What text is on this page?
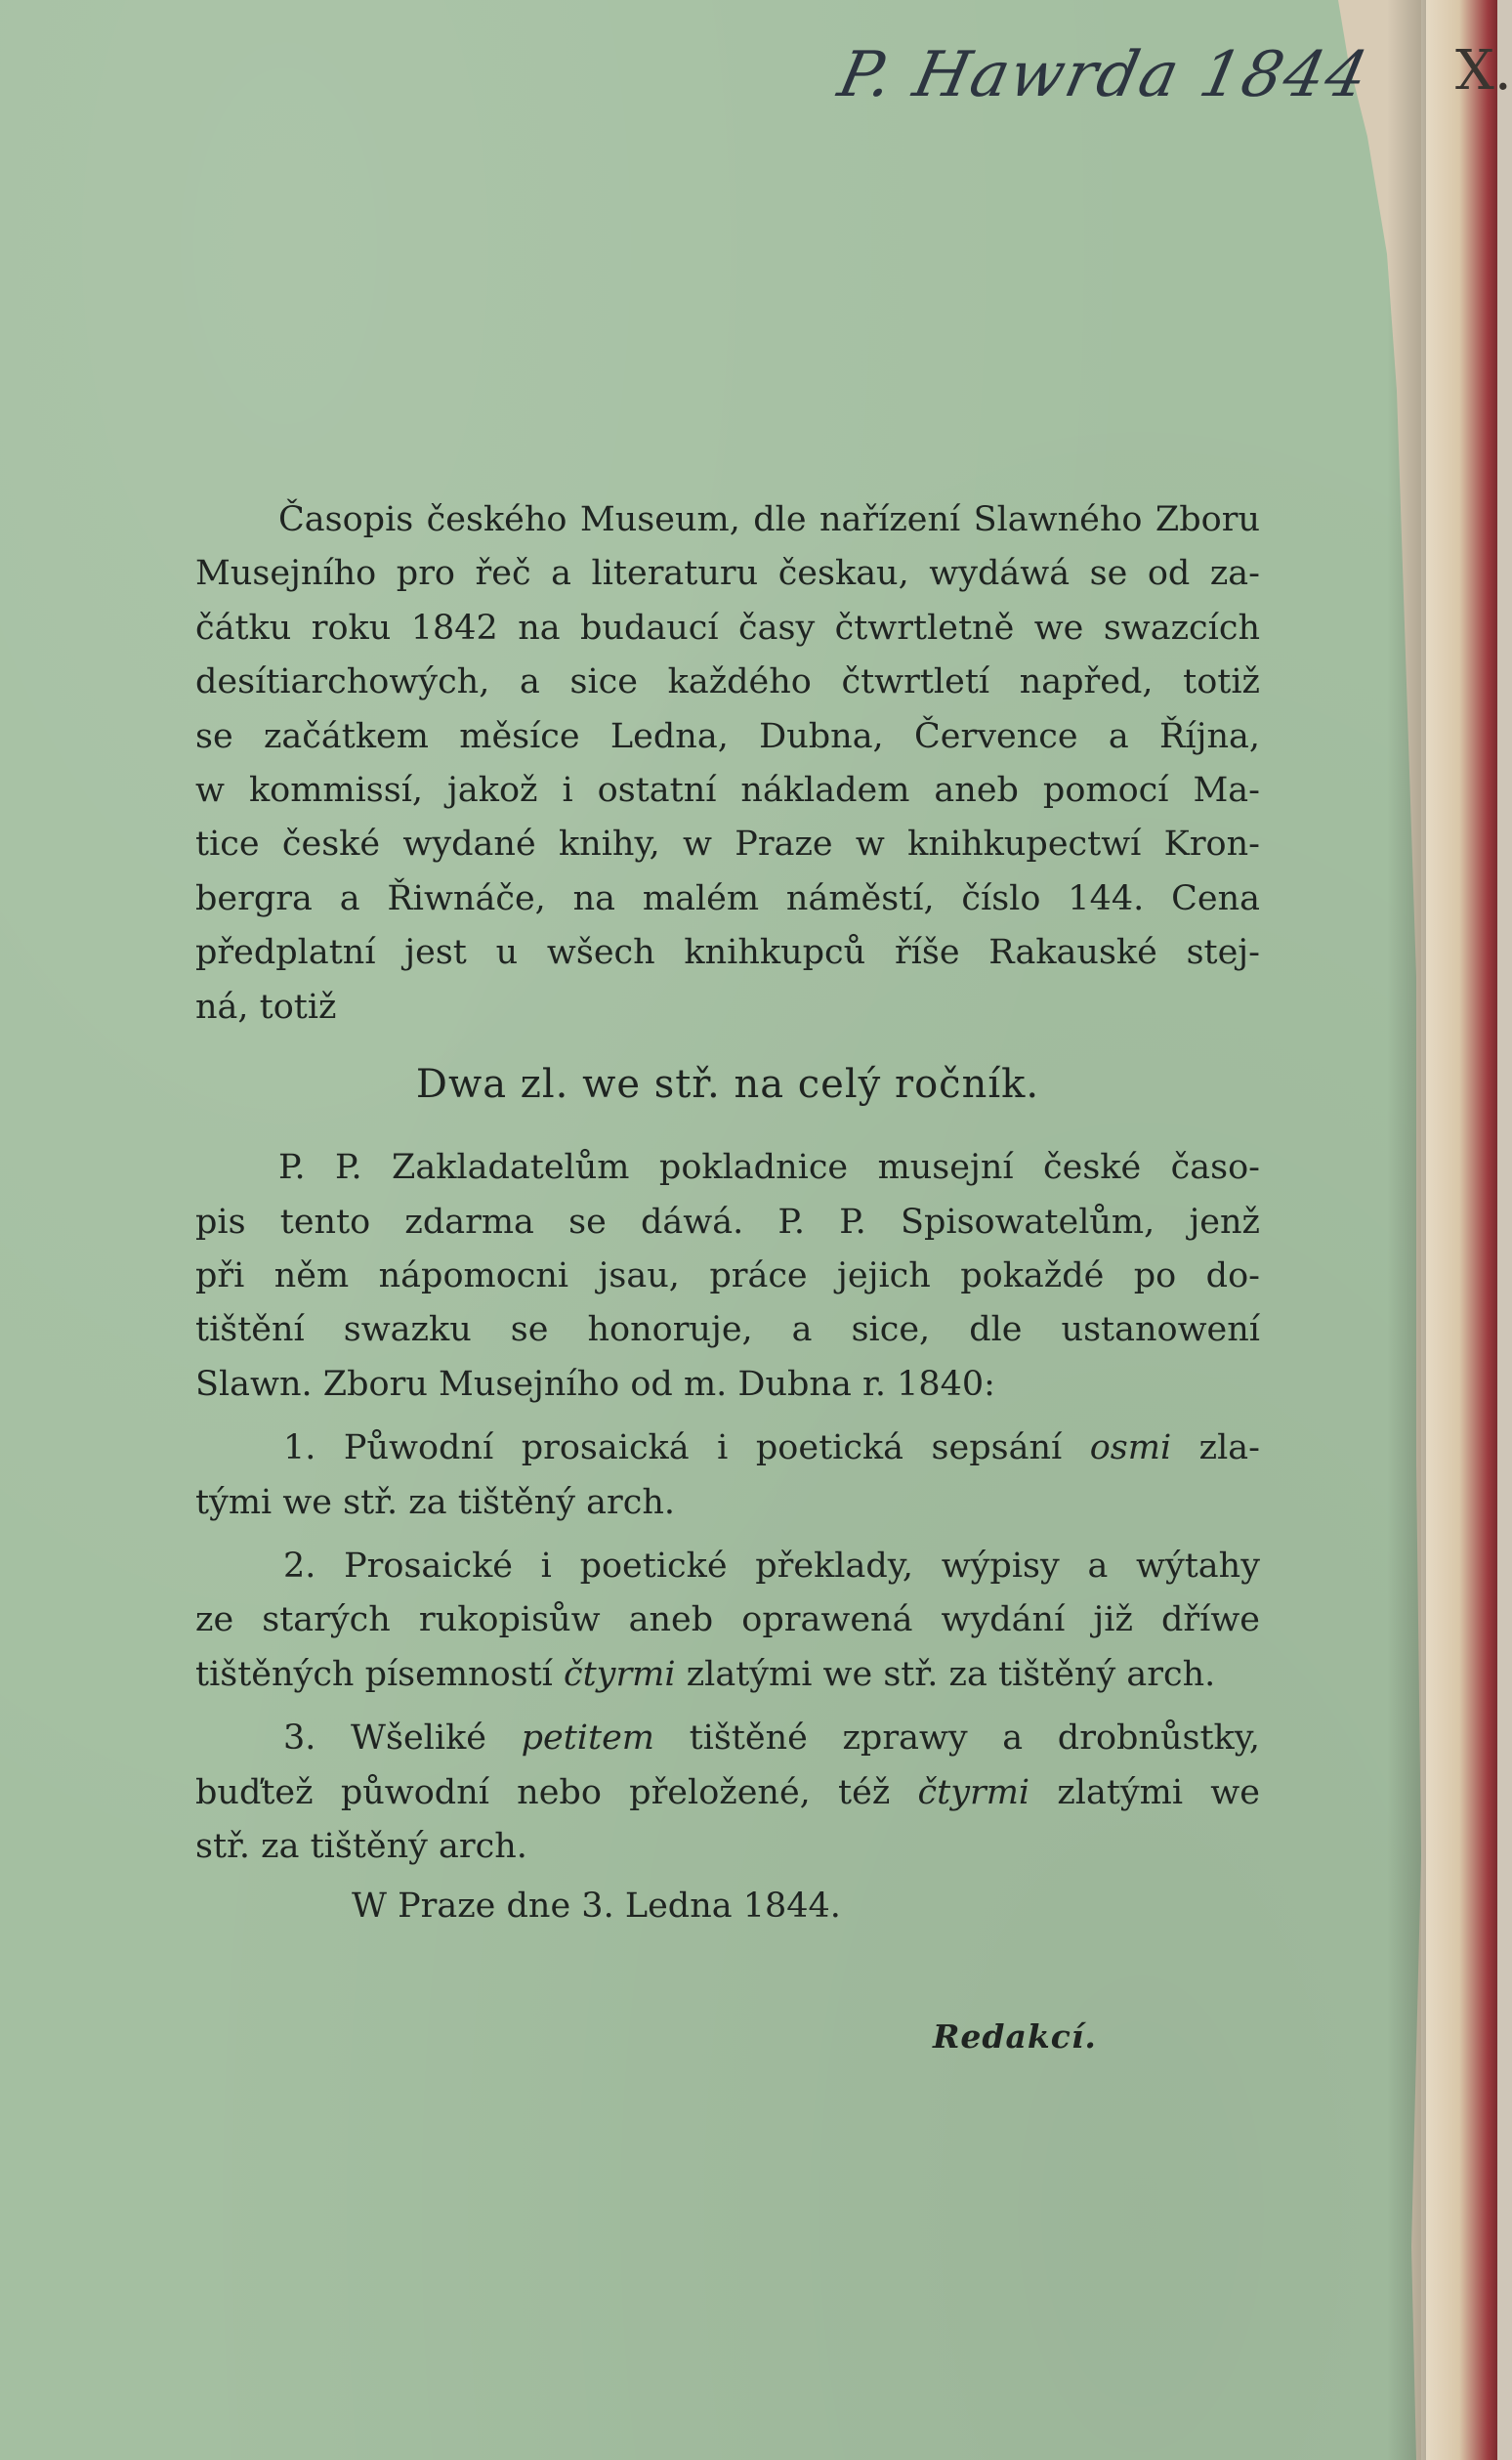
P. Hawrda 1844 X.
Časopis českého Museum, dle nařízení Slawného Zboru
Musejního pro řeč a literaturu českau, wydáwá se od za-
čátku roku 1842 na budaucí časy čtwrtletně we swazcích
desítiarchowých, a sice každého čtwrtletí napřed, totiž
se začátkem měsíce Ledna, Dubna, Července a Října,
w kommissí, jakož i ostatní nákladem aneb pomocí Ma-
tice české wydané knihy, w Praze w knihkupectwí Kron-
bergra a Řiwnáče, na malém náměstí, číslo 144. Cena
předplatní jest u wšech knihkupců říše Rakauské stej-
ná, totiž
Dwa zl. we stř. na celý ročník.
P. P. Zakladatelům pokladnice musejní české časo-
pis tento zdarma se dáwá. P. P. Spisowatelům, jenž
při něm nápomocni jsau, práce jejich pokaždé po do-
tištění swazku se honoruje, a sice, dle ustanowení
Slawn. Zboru Musejního od m. Dubna r. 1840:
1. Půwodní prosaická i poetická sepsání osmi zla-
tými we stř. za tištěný arch.
2. Prosaické i poetické překlady, wýpisy a wýtahy
ze starých rukopisůw aneb oprawená wydání již dříwe
tištěných písemností čtyrmi zlatými we stř. za tištěný arch.
3. Wšeliké petitem tištěné zprawy a drobnůstky,
buďtež půwodní nebo přeložené, též čtyrmi zlatými we
stř. za tištěný arch.
W Praze dne 3. Ledna 1844.
Redakcí.
